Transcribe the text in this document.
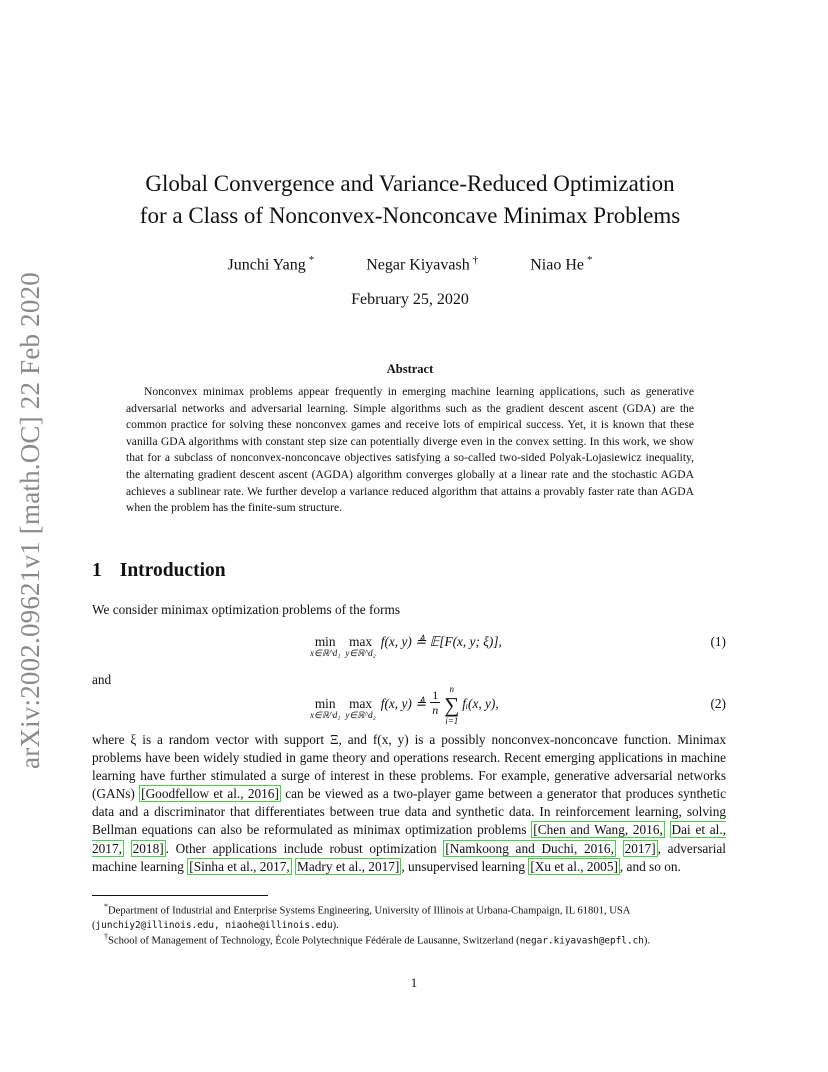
arXiv:2002.09621v1 [math.OC] 22 Feb 2020
Global Convergence and Variance-Reduced Optimization
for a Class of Nonconvex-Nonconcave Minimax Problems
Junchi Yang *	Negar Kiyavash †	Niao He *
February 25, 2020
Abstract
Nonconvex minimax problems appear frequently in emerging machine learning applications, such as generative adversarial networks and adversarial learning. Simple algorithms such as the gradient descent ascent (GDA) are the common practice for solving these nonconvex games and receive lots of empirical success. Yet, it is known that these vanilla GDA algorithms with constant step size can potentially diverge even in the convex setting. In this work, we show that for a subclass of nonconvex-nonconcave objectives satisfying a so-called two-sided Polyak-Lojasiewicz inequality, the alternating gradient descent ascent (AGDA) algorithm converges globally at a linear rate and the stochastic AGDA achieves a sublinear rate. We further develop a variance reduced algorithm that attains a provably faster rate than AGDA when the problem has the finite-sum structure.
1 Introduction
We consider minimax optimization problems of the forms
min
x∈ℝ^d₁
max
y∈ℝ^d₂
f(x, y) ≜ 𝔼[F(x, y; ξ)],	(1)
and
min
x∈ℝ^d₁
max
y∈ℝ^d₂
f(x, y) ≜ $\frac{1}{n}$ n
∑
i=1
fᵢ(x, y),	(2)
where ξ is a random vector with support Ξ, and f(x, y) is a possibly nonconvex-nonconcave function. Minimax problems have been widely studied in game theory and operations research. Recent emerging applications in machine learning have further stimulated a surge of interest in these problems. For example, generative adversarial networks (GANs) [Goodfellow et al., 2016] can be viewed as a two-player game between a generator that produces synthetic data and a discriminator that differentiates between true data and synthetic data. In reinforcement learning, solving Bellman equations can also be reformulated as minimax optimization problems [Chen and Wang, 2016, Dai et al., 2017, 2018] . Other applications include robust optimization [Namkoong and Duchi, 2016, 2017] , adversarial machine learning [Sinha et al., 2017, Madry et al., 2017] , unsupervised learning [Xu et al., 2005] , and so on.
*Department of Industrial and Enterprise Systems Engineering, University of Illinois at Urbana-Champaign, IL 61801, USA (junchiy2@illinois.edu, niaohe@illinois.edu).
†School of Management of Technology, École Polytechnique Fédérale de Lausanne, Switzerland (negar.kiyavash@epfl.ch).
1
